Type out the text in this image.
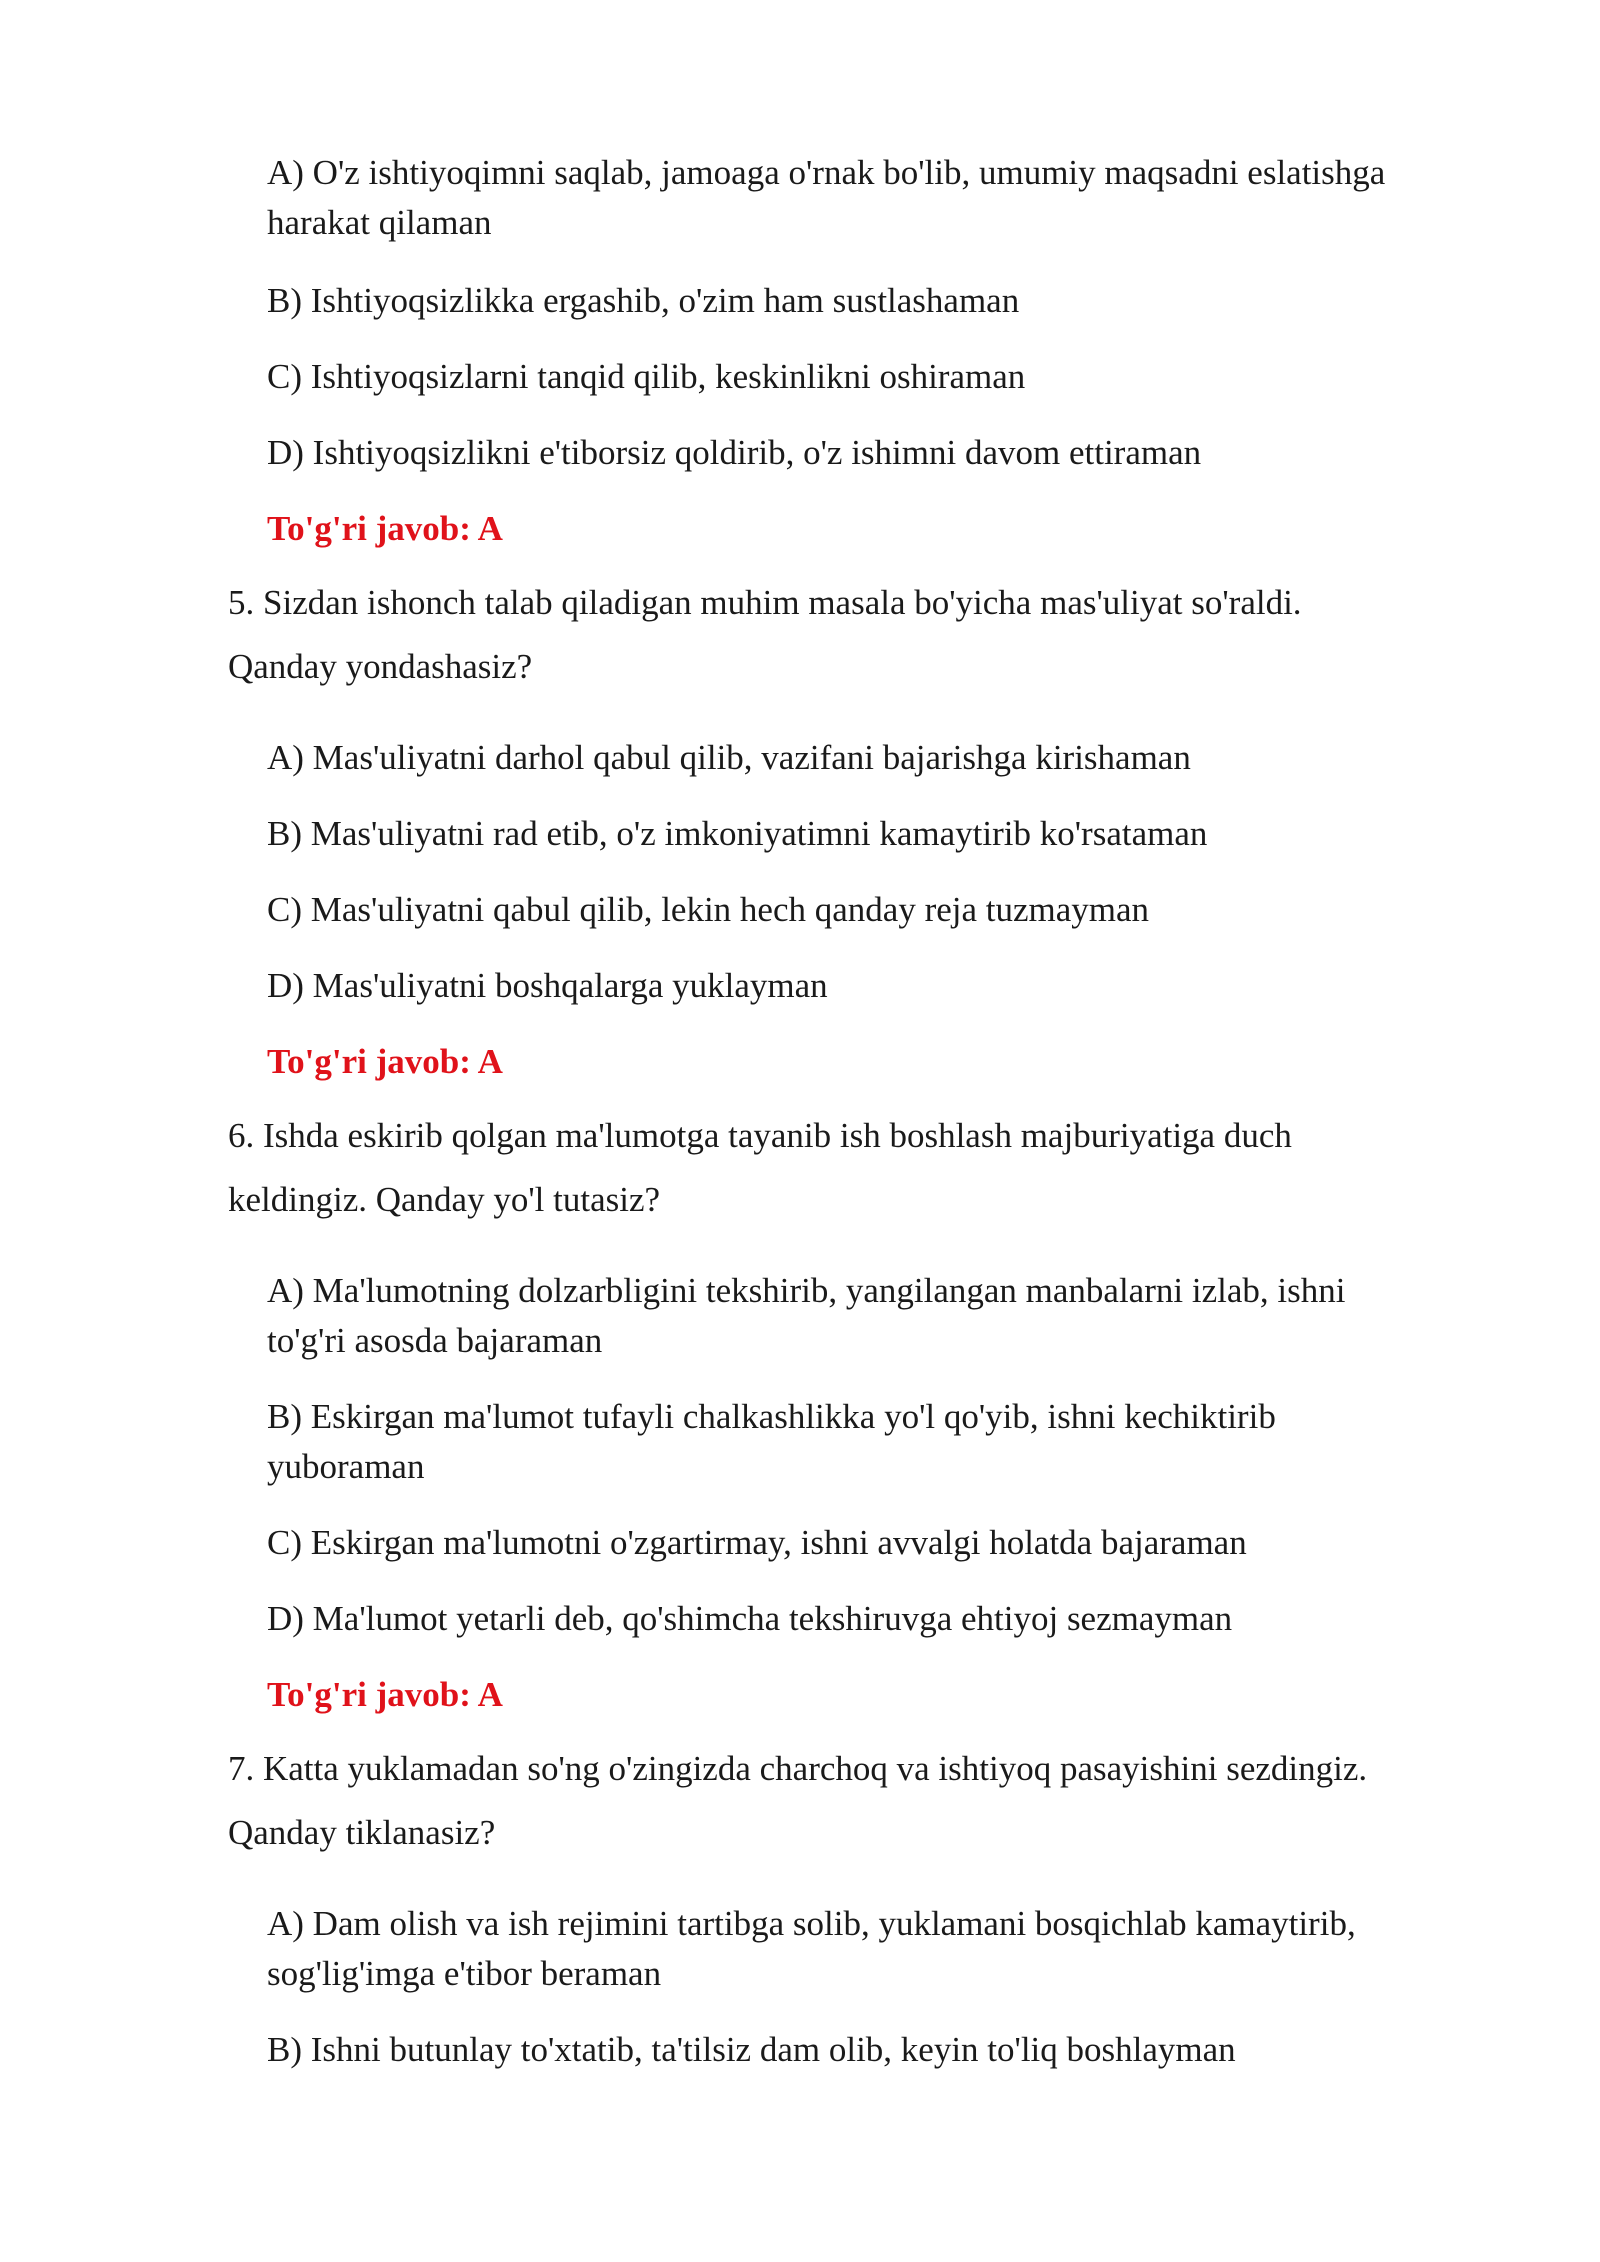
A) O'z ishtiyoqimni saqlab, jamoaga o'rnak bo'lib, umumiy maqsadni eslatishga
harakat qilaman
B) Ishtiyoqsizlikka ergashib, o'zim ham sustlashaman
C) Ishtiyoqsizlarni tanqid qilib, keskinlikni oshiraman
D) Ishtiyoqsizlikni e'tiborsiz qoldirib, o'z ishimni davom ettiraman
To'g'ri javob: A
5. Sizdan ishonch talab qiladigan muhim masala bo'yicha mas'uliyat so'raldi.
Qanday yondashasiz?
A) Mas'uliyatni darhol qabul qilib, vazifani bajarishga kirishaman
B) Mas'uliyatni rad etib, o'z imkoniyatimni kamaytirib ko'rsataman
C) Mas'uliyatni qabul qilib, lekin hech qanday reja tuzmayman
D) Mas'uliyatni boshqalarga yuklayman
To'g'ri javob: A
6. Ishda eskirib qolgan ma'lumotga tayanib ish boshlash majburiyatiga duch
keldingiz. Qanday yo'l tutasiz?
A) Ma'lumotning dolzarbligini tekshirib, yangilangan manbalarni izlab, ishni
to'g'ri asosda bajaraman
B) Eskirgan ma'lumot tufayli chalkashlikka yo'l qo'yib, ishni kechiktirib
yuboraman
C) Eskirgan ma'lumotni o'zgartirmay, ishni avvalgi holatda bajaraman
D) Ma'lumot yetarli deb, qo'shimcha tekshiruvga ehtiyoj sezmayman
To'g'ri javob: A
7. Katta yuklamadan so'ng o'zingizda charchoq va ishtiyoq pasayishini sezdingiz.
Qanday tiklanasiz?
A) Dam olish va ish rejimini tartibga solib, yuklamani bosqichlab kamaytirib,
sog'lig'imga e'tibor beraman
B) Ishni butunlay to'xtatib, ta'tilsiz dam olib, keyin to'liq boshlayman
